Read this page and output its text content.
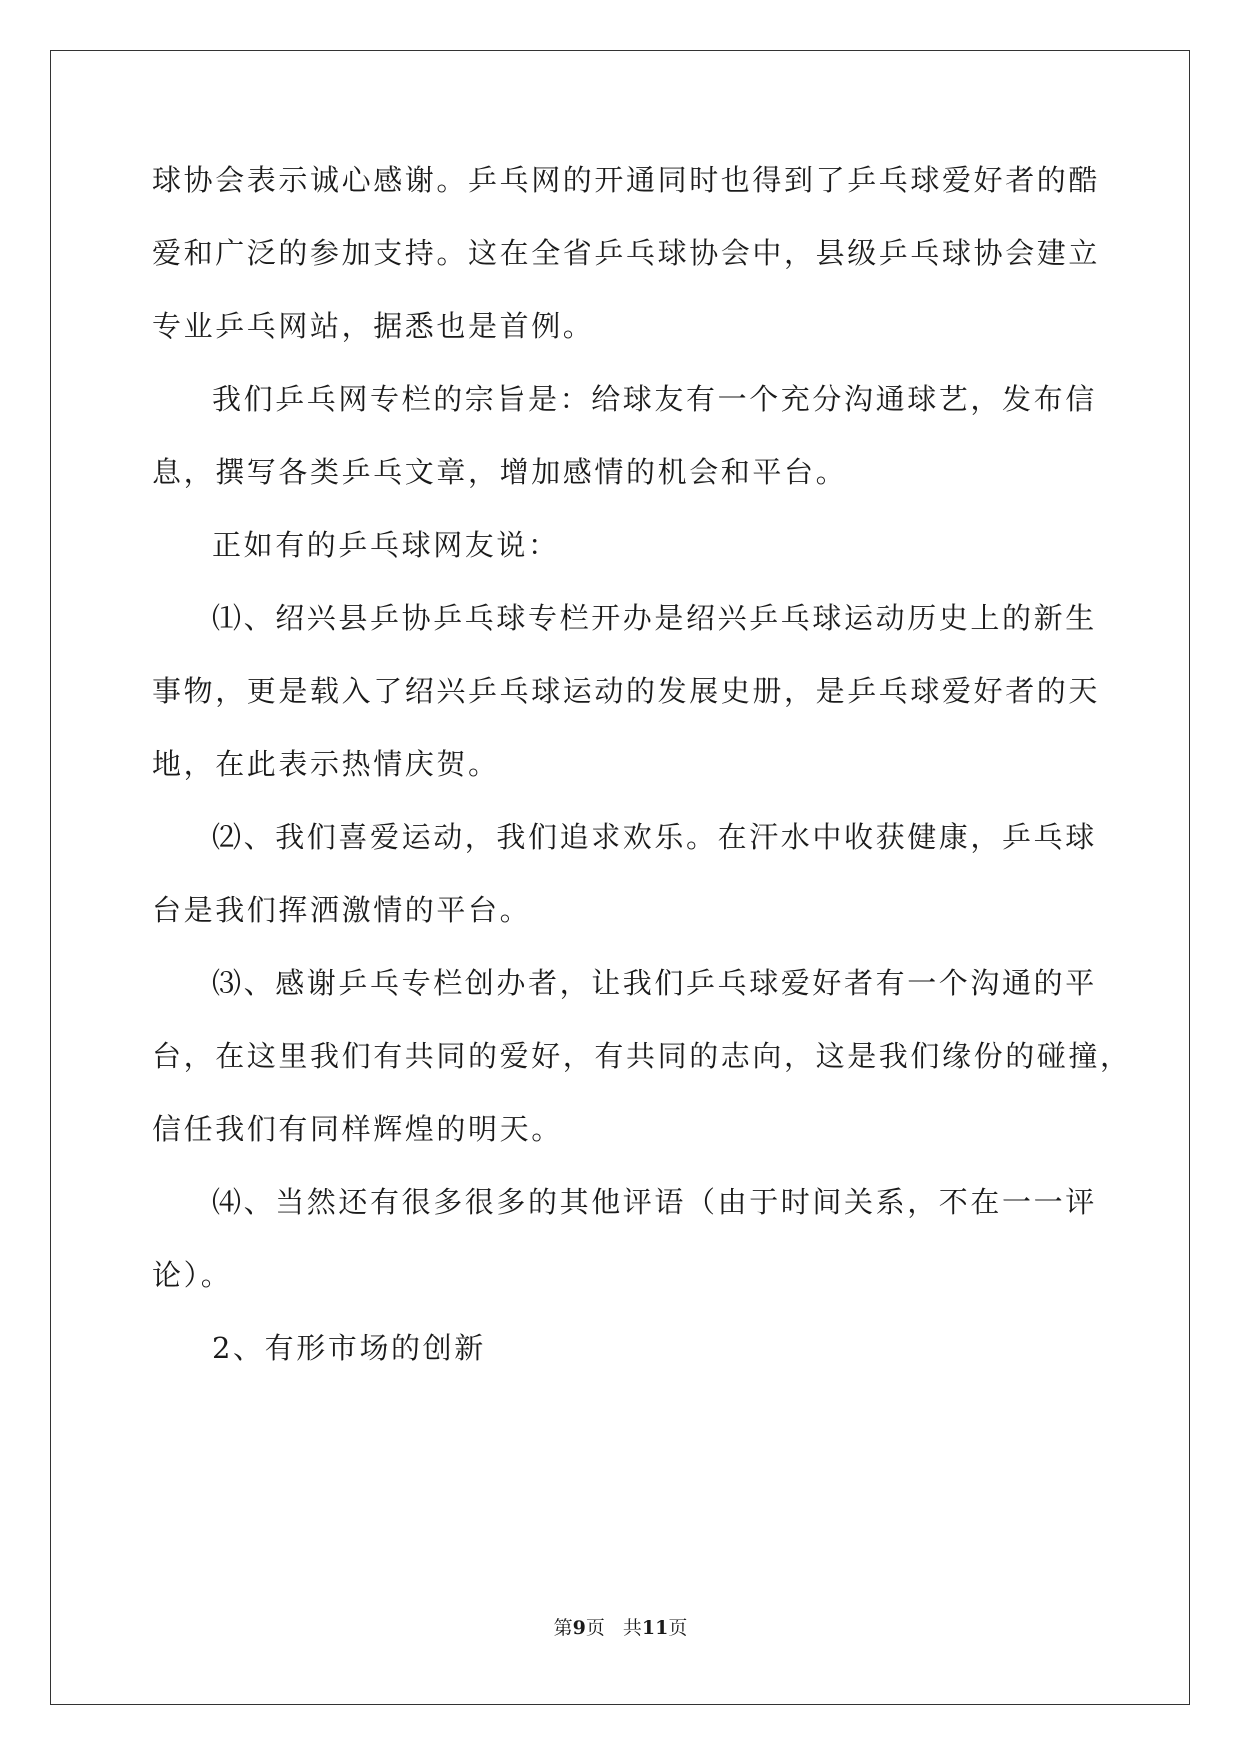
球协会表示诚心感谢。乒乓网的开通同时也得到了乒乓球爱好者的酷
爱和广泛的参加支持。这在全省乒乓球协会中，县级乒乓球协会建立
专业乒乓网站，据悉也是首例。
我们乒乓网专栏的宗旨是：给球友有一个充分沟通球艺，发布信
息，撰写各类乒乓文章，增加感情的机会和平台。
正如有的乒乓球网友说：
⑴、绍兴县乒协乒乓球专栏开办是绍兴乒乓球运动历史上的新生
事物，更是载入了绍兴乒乓球运动的发展史册，是乒乓球爱好者的天
地，在此表示热情庆贺。
⑵、我们喜爱运动，我们追求欢乐。在汗水中收获健康，乒乓球
台是我们挥洒激情的平台。
⑶、感谢乒乓专栏创办者，让我们乒乓球爱好者有一个沟通的平
台，在这里我们有共同的爱好，有共同的志向，这是我们缘份的碰撞，
信任我们有同样辉煌的明天。
⑷、当然还有很多很多的其他评语（由于时间关系，不在一一评
论）。
2、有形市场的创新
第9页 共11页
